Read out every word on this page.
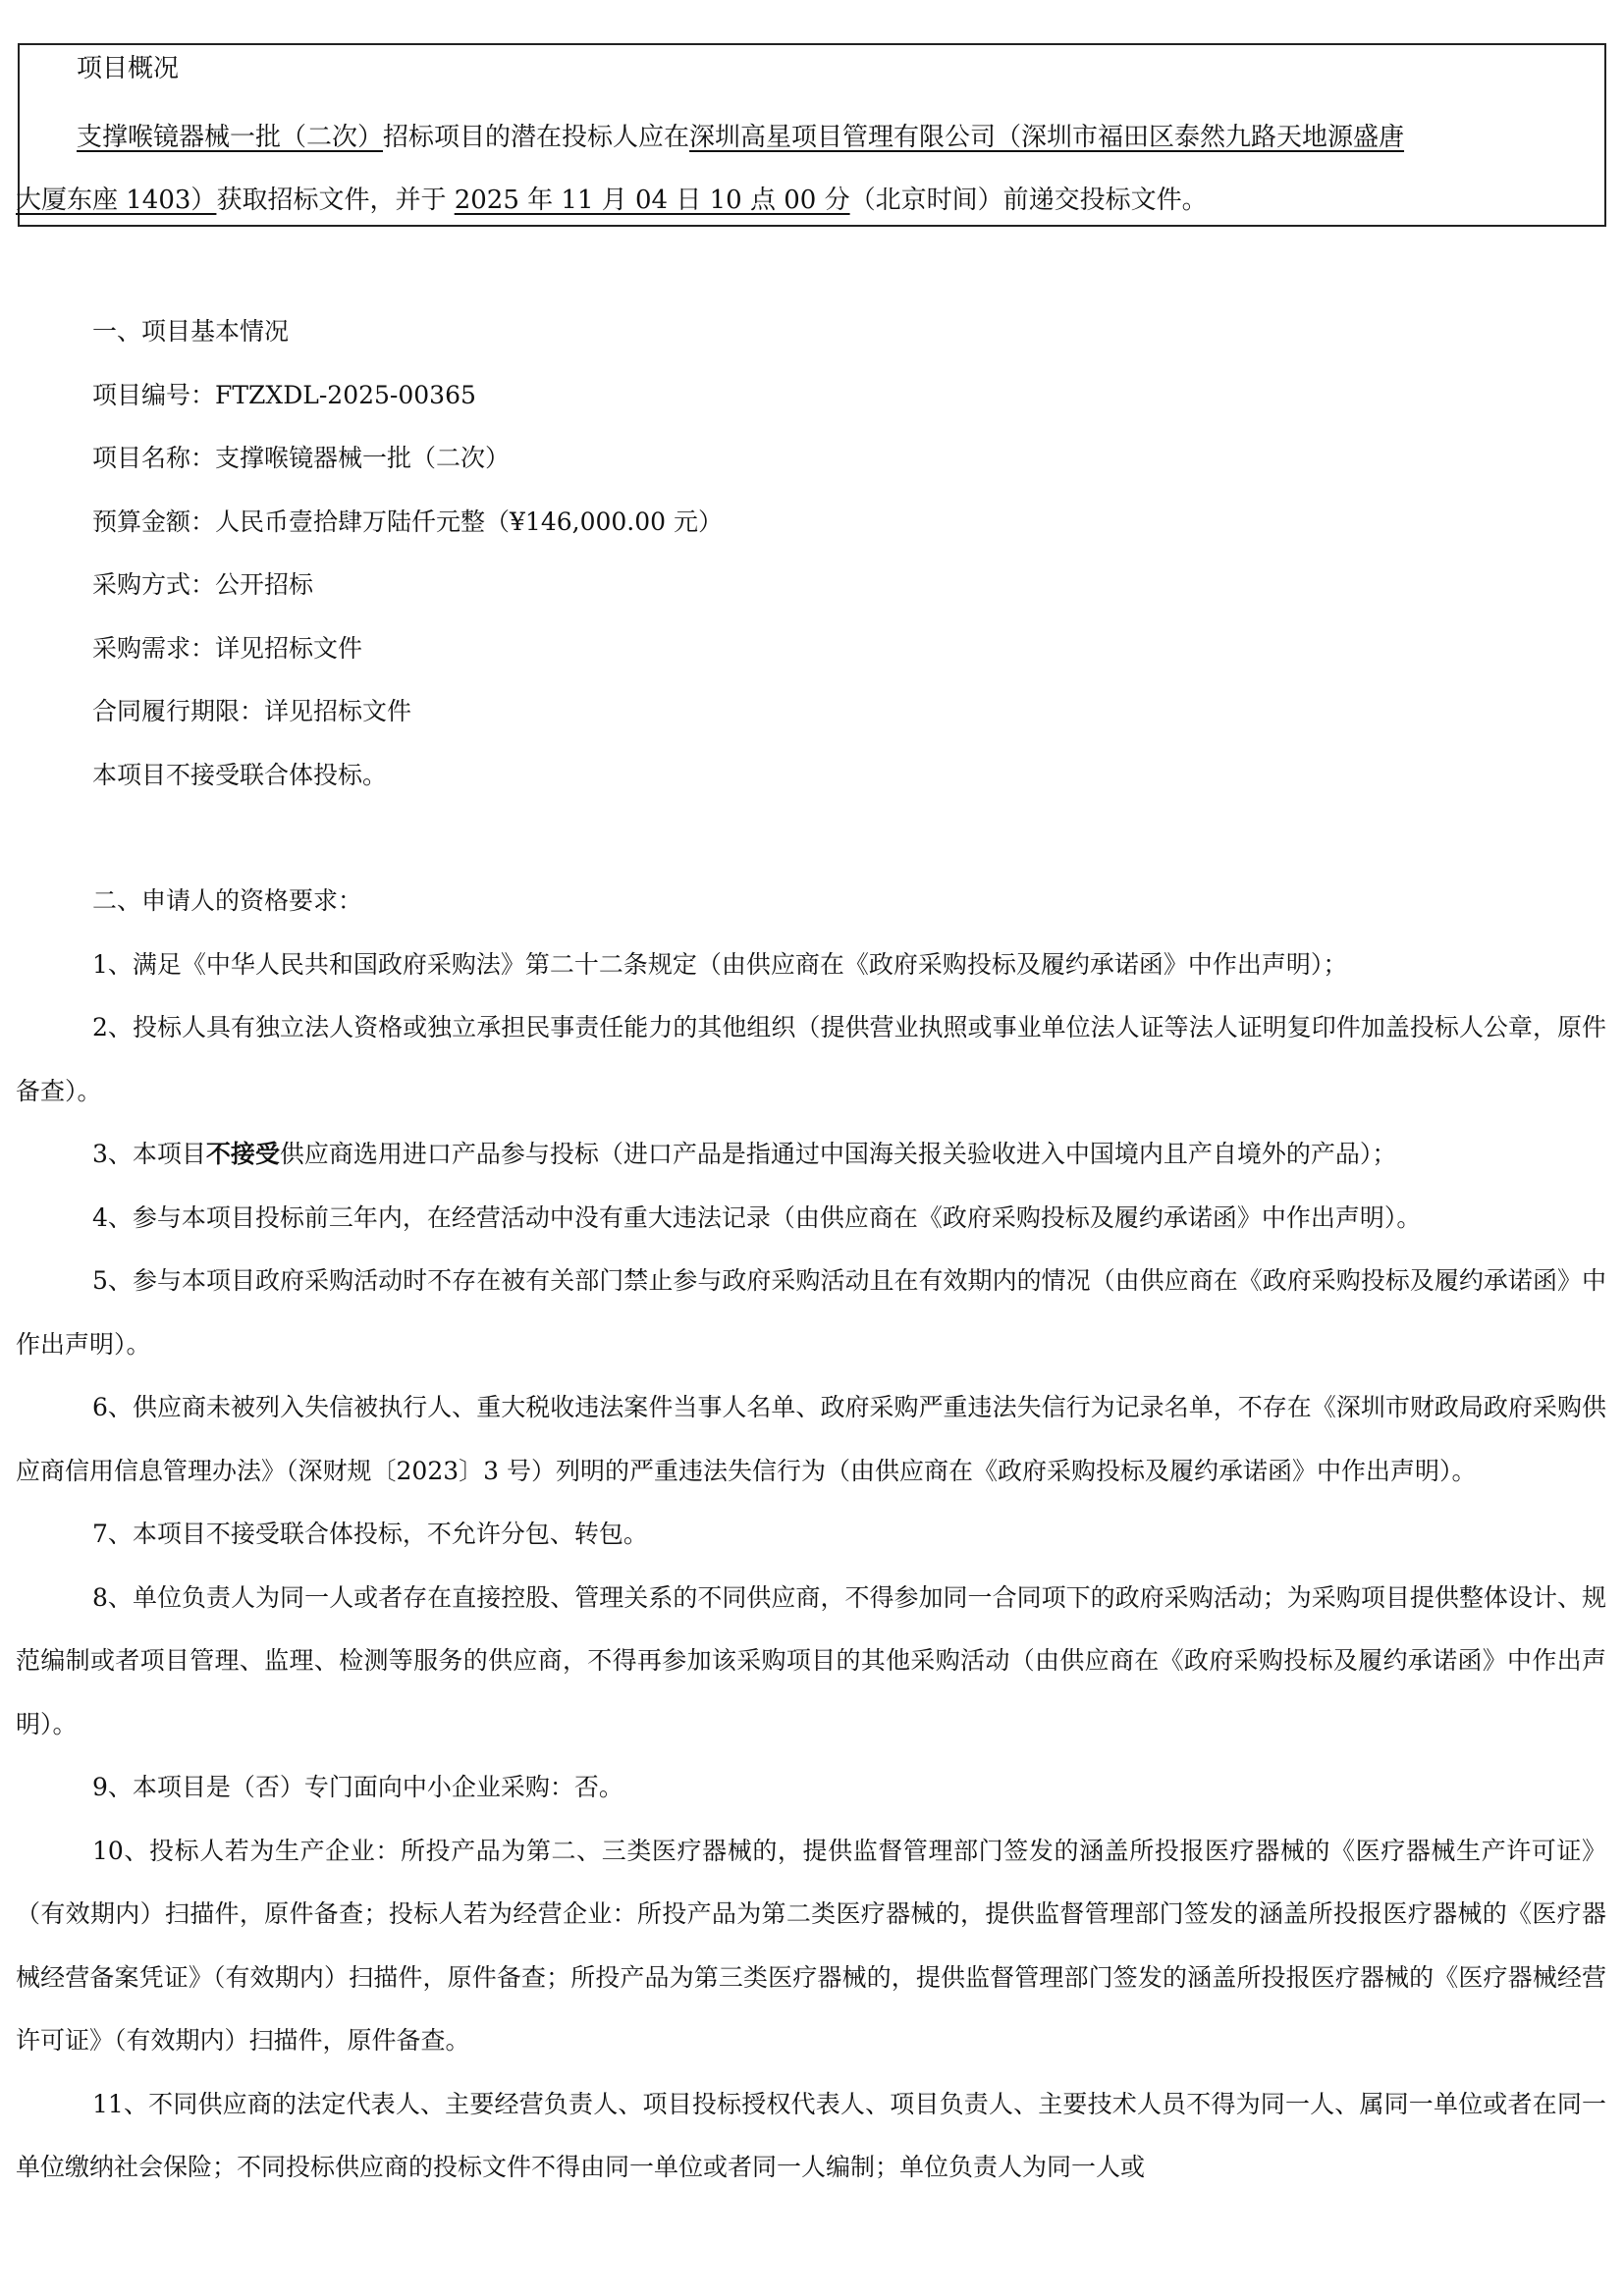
项目概况
支撑喉镜器械一批（二次）招标项目的潜在投标人应在深圳高星项目管理有限公司（深圳市福田区泰然九路天地源盛唐
大厦东座 1403）获取招标文件，并于 2025 年 11 月 04 日 10 点 00 分（北京时间）前递交投标文件。

一、项目基本情况

项目编号：FTZXDL-2025-00365

项目名称：支撑喉镜器械一批（二次）

预算金额：人民币壹拾肆万陆仟元整（¥146,000.00 元）

采购方式：公开招标

采购需求：详见招标文件

合同履行期限：详见招标文件

本项目不接受联合体投标。

二、申请人的资格要求：

1、满足《中华人民共和国政府采购法》第二十二条规定（由供应商在《政府采购投标及履约承诺函》中作出声明）；

2、投标人具有独立法人资格或独立承担民事责任能力的其他组织（提供营业执照或事业单位法人证等法人证明复印件加盖投标人公章，原件备查）。

3、本项目不接受供应商选用进口产品参与投标（进口产品是指通过中国海关报关验收进入中国境内且产自境外的产品）；

4、参与本项目投标前三年内，在经营活动中没有重大违法记录（由供应商在《政府采购投标及履约承诺函》中作出声明）。

5、参与本项目政府采购活动时不存在被有关部门禁止参与政府采购活动且在有效期内的情况（由供应商在《政府采购投标及履约承诺函》中作出声明）。

6、供应商未被列入失信被执行人、重大税收违法案件当事人名单、政府采购严重违法失信行为记录名单，不存在《深圳市财政局政府采购供应商信用信息管理办法》（深财规〔2023〕3 号）列明的严重违法失信行为（由供应商在《政府采购投标及履约承诺函》中作出声明）。

7、本项目不接受联合体投标，不允许分包、转包。

8、单位负责人为同一人或者存在直接控股、管理关系的不同供应商，不得参加同一合同项下的政府采购活动；为采购项目提供整体设计、规范编制或者项目管理、监理、检测等服务的供应商，不得再参加该采购项目的其他采购活动（由供应商在《政府采购投标及履约承诺函》中作出声明）。

9、本项目是（否）专门面向中小企业采购：否。

10、投标人若为生产企业：所投产品为第二、三类医疗器械的，提供监督管理部门签发的涵盖所投报医疗器械的《医疗器械生产许可证》（有效期内）扫描件，原件备查；投标人若为经营企业：所投产品为第二类医疗器械的，提供监督管理部门签发的涵盖所投报医疗器械的《医疗器械经营备案凭证》（有效期内）扫描件，原件备查；所投产品为第三类医疗器械的，提供监督管理部门签发的涵盖所投报医疗器械的《医疗器械经营许可证》（有效期内）扫描件，原件备查。

11、不同供应商的法定代表人、主要经营负责人、项目投标授权代表人、项目负责人、主要技术人员不得为同一人、属同一单位或者在同一单位缴纳社会保险；不同投标供应商的投标文件不得由同一单位或者同一人编制；单位负责人为同一人或
